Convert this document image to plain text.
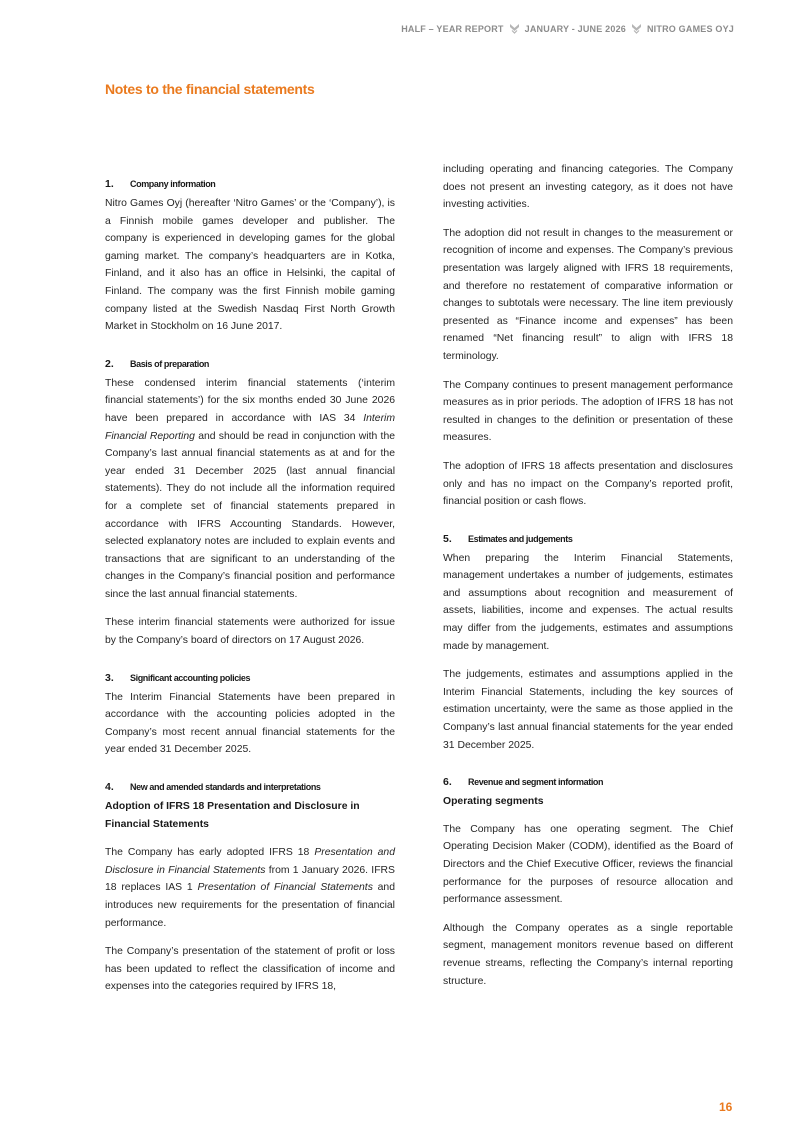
HALF – YEAR REPORT JANUARY - JUNE 2026 NITRO GAMES OYJ
Notes to the financial statements
1.	Company information

Nitro Games Oyj (hereafter ‘Nitro Games’ or the ‘Company’), is a Finnish mobile games developer and publisher. The company is experienced in developing games for the global gaming market. The company’s headquarters are in Kotka, Finland, and it also has an office in Helsinki, the capital of Finland. The company was the first Finnish mobile gaming company listed at the Swedish Nasdaq First North Growth Market in Stockholm on 16 June 2017.

2.	Basis of preparation

These condensed interim financial statements (‘interim financial statements’) for the six months ended 30 June 2026 have been prepared in accordance with IAS 34 Interim Financial Reporting and should be read in conjunction with the Company’s last annual financial statements as at and for the year ended 31 December 2025 (last annual financial statements). They do not include all the information required for a complete set of financial statements prepared in accordance with IFRS Accounting Standards. However, selected explanatory notes are included to explain events and transactions that are significant to an understanding of the changes in the Company’s financial position and performance since the last annual financial statements.

These interim financial statements were authorized for issue by the Company’s board of directors on 17 August 2026.

3.	Significant accounting policies

The Interim Financial Statements have been prepared in accordance with the accounting policies adopted in the Company’s most recent annual financial statements for the year ended 31 December 2025.

4.	New and amended standards and interpretations
Adoption of IFRS 18 Presentation and Disclosure in Financial Statements

The Company has early adopted IFRS 18 Presentation and Disclosure in Financial Statements from 1 January 2026. IFRS 18 replaces IAS 1 Presentation of Financial Statements and introduces new requirements for the presentation of financial performance.

The Company’s presentation of the statement of profit or loss has been updated to reflect the classification of income and expenses into the categories required by IFRS 18,

including operating and financing categories. The Company does not present an investing category, as it does not have investing activities.

The adoption did not result in changes to the measurement or recognition of income and expenses. The Company’s previous presentation was largely aligned with IFRS 18 requirements, and therefore no restatement of comparative information or changes to subtotals were necessary. The line item previously presented as “Finance income and expenses” has been renamed “Net financing result” to align with IFRS 18 terminology.

The Company continues to present management performance measures as in prior periods. The adoption of IFRS 18 has not resulted in changes to the definition or presentation of these measures.

The adoption of IFRS 18 affects presentation and disclosures only and has no impact on the Company’s reported profit, financial position or cash flows.

5.	Estimates and judgements

When preparing the Interim Financial Statements, management undertakes a number of judgements, estimates and assumptions about recognition and measurement of assets, liabilities, income and expenses. The actual results may differ from the judgements, estimates and assumptions made by management.

The judgements, estimates and assumptions applied in the Interim Financial Statements, including the key sources of estimation uncertainty, were the same as those applied in the Company’s last annual financial statements for the year ended 31 December 2025.

6.	Revenue and segment information
Operating segments

The Company has one operating segment. The Chief Operating Decision Maker (CODM), identified as the Board of Directors and the Chief Executive Officer, reviews the financial performance for the purposes of resource allocation and performance assessment.

Although the Company operates as a single reportable segment, management monitors revenue based on different revenue streams, reflecting the Company’s internal reporting structure.

16
